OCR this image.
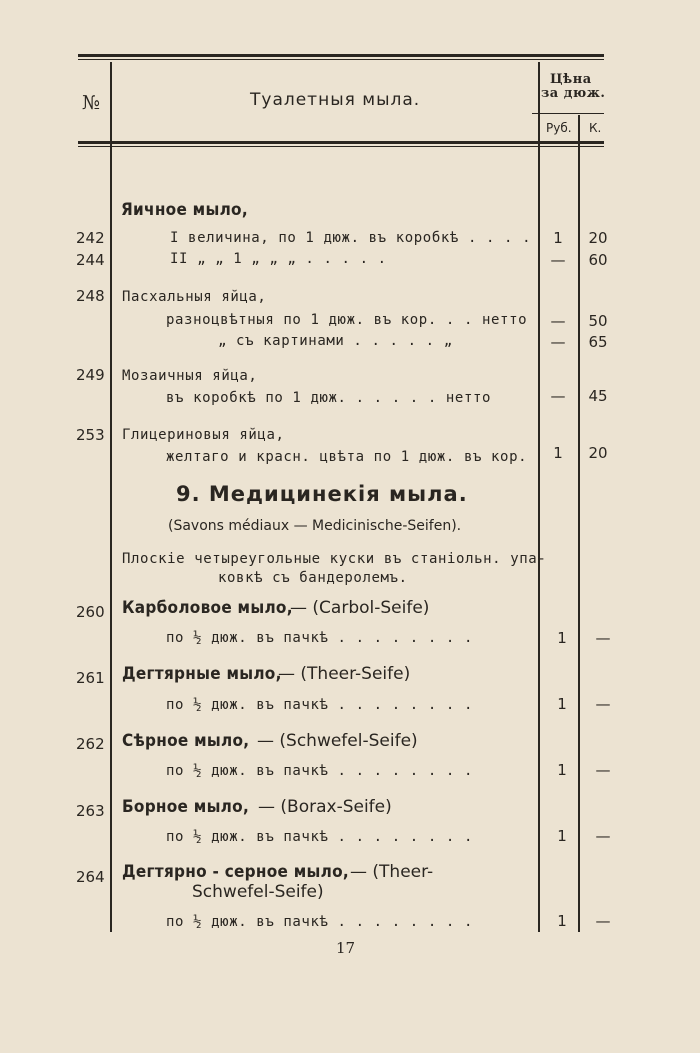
№	Туалетныя мыла.
Цѣна
за дюж.
Руб. К.
Яичное мыло,
242	I величина, по 1 дюж. въ коробкѣ . . . .	1	20
244	II „ „ 1 „ „ „ . . . . .	—	60
248 Пасхальныя яйца,
разноцвѣтныя по 1 дюж. въ кор. . . нетто	—	50
„ съ картинами . . . . . „	—	65
249 Мозаичныя яйца,
въ коробкѣ по 1 дюж. . . . . . нетто	—	45
253 Глицериновыя яйца,
желтаго и красн. цвѣта по 1 дюж. въ кор.	1	20
9. Медицинекія мыла.
(Savons médiaux — Medicinische-Seifen).
Плоскіе четыреугольные куски въ станіольн. упа-
ковкѣ съ бандеролемъ.
260 Карболовое мыло,
— (Carbol-Seife)
по ½ дюж. въ пачкѣ . . . . . . . .	1	—
261 Дегтярные мыло,
— (Theer-Seife)
по ½ дюж. въ пачкѣ . . . . . . . .	1	—
262 Сѣрное мыло, — (Schwefel-Seife)
по ½ дюж. въ пачкѣ . . . . . . . .	1	—
263 Борное мыло, — (Borax-Seife)
по ½ дюж. въ пачкѣ . . . . . . . .	1	—
264 Дегтярно - серное мыло, — (Theer-
Schwefel-Seife)
по ½ дюж. въ пачкѣ . . . . . . . .	1	—
17
